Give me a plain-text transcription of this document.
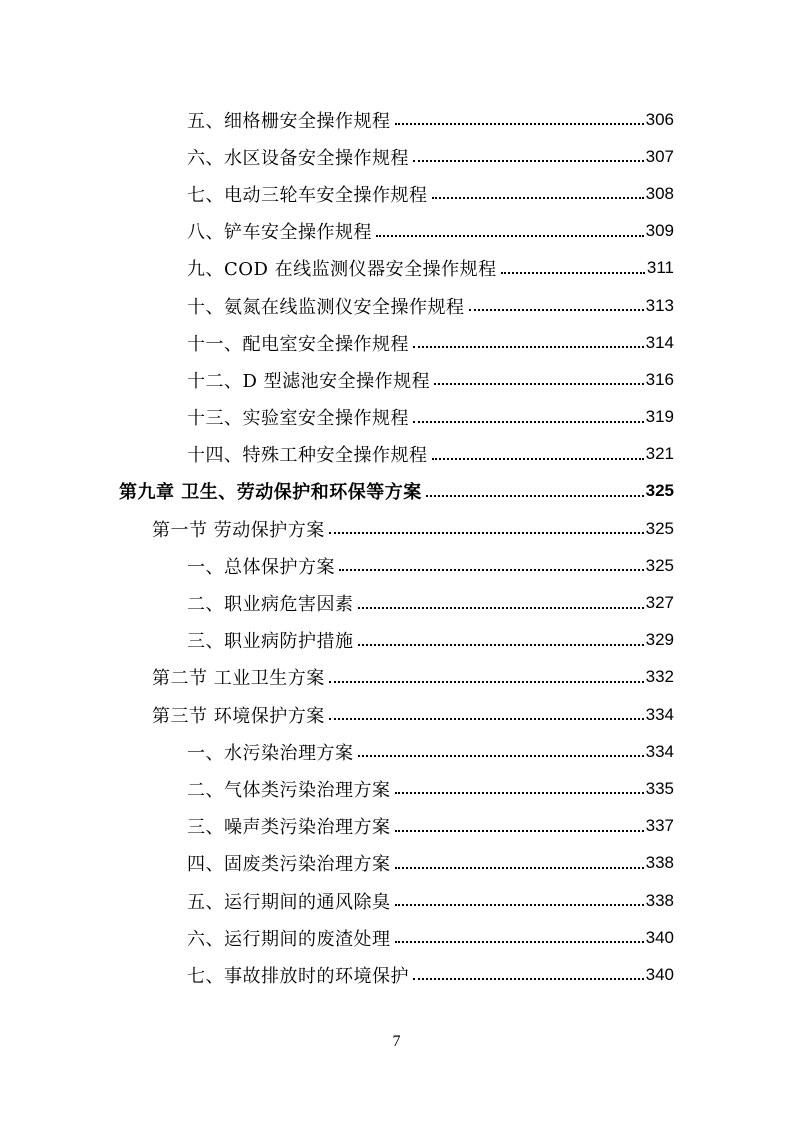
五、细格栅安全操作规程	306
六、水区设备安全操作规程	307
七、电动三轮车安全操作规程	308
八、铲车安全操作规程	309
九、COD 在线监测仪器安全操作规程	311
十、氨氮在线监测仪安全操作规程	313
十一、配电室安全操作规程	314
十二、D 型滤池安全操作规程	316
十三、实验室安全操作规程	319
十四、特殊工种安全操作规程	321
第九章 卫生、劳动保护和环保等方案	325
第一节 劳动保护方案	325
一、总体保护方案	325
二、职业病危害因素	327
三、职业病防护措施	329
第二节 工业卫生方案	332
第三节 环境保护方案	334
一、水污染治理方案	334
二、气体类污染治理方案	335
三、噪声类污染治理方案	337
四、固废类污染治理方案	338
五、运行期间的通风除臭	338
六、运行期间的废渣处理	340
七、事故排放时的环境保护	340
7
